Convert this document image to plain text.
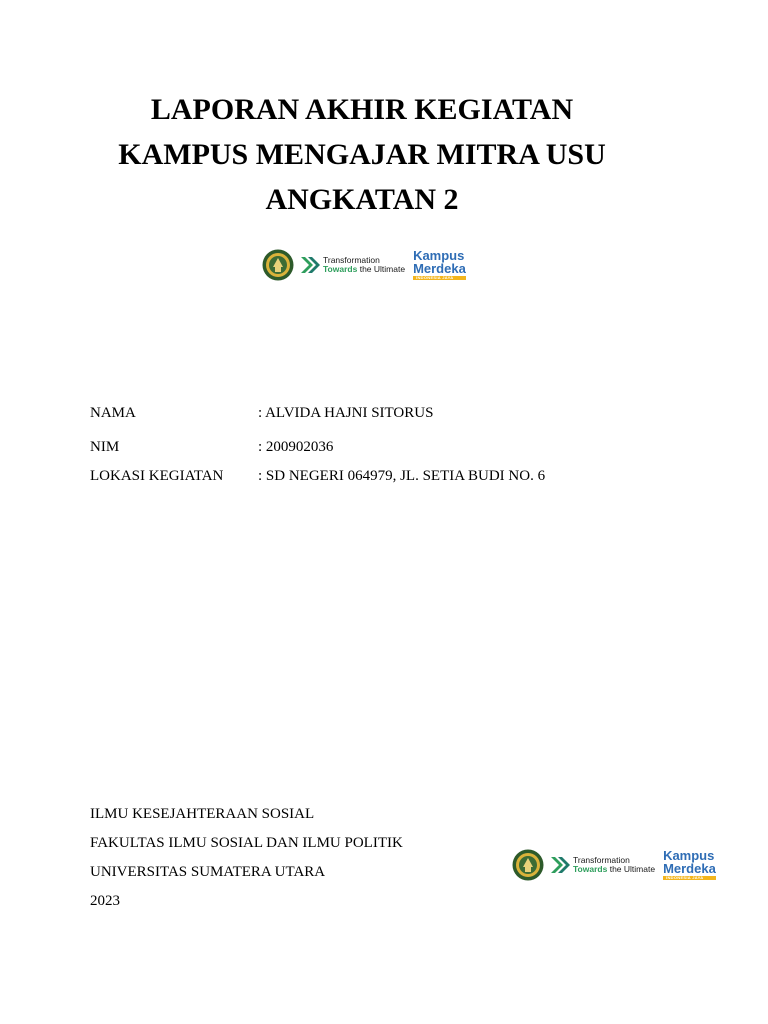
LAPORAN AKHIR KEGIATAN
KAMPUS MENGAJAR MITRA USU
ANGKATAN 2
Transformation
Towards the Ultimate
Kampus
Merdeka
INDONESIA JAYA
NAMA	: ALVIDA HAJNI SITORUS
NIM	: 200902036
LOKASI KEGIATAN : SD NEGERI 064979, JL. SETIA BUDI NO. 6
ILMU KESEJAHTERAAN SOSIAL
FAKULTAS ILMU SOSIAL DAN ILMU POLITIK
UNIVERSITAS SUMATERA UTARA
2023
Transformation
Towards the Ultimate
Kampus
Merdeka
INDONESIA JAYA
